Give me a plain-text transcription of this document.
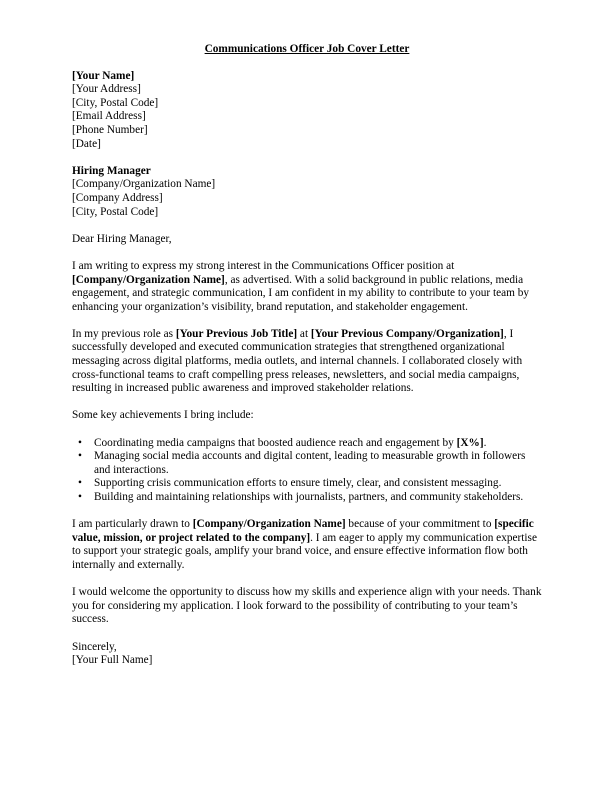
Communications Officer Job Cover Letter
[Your Name]
[Your Address]
[City, Postal Code]
[Email Address]
[Phone Number]
[Date]
Hiring Manager
[Company/Organization Name]
[Company Address]
[City, Postal Code]

Dear Hiring Manager,

I am writing to express my strong interest in the Communications Officer position at [Company/Organization Name], as advertised. With a solid background in public relations, media engagement, and strategic communication, I am confident in my ability to contribute to your team by enhancing your organization’s visibility, brand reputation, and stakeholder engagement.

In my previous role as [Your Previous Job Title] at [Your Previous Company/Organization], I successfully developed and executed communication strategies that strengthened organizational messaging across digital platforms, media outlets, and internal channels. I collaborated closely with cross-functional teams to craft compelling press releases, newsletters, and social media campaigns, resulting in increased public awareness and improved stakeholder relations.

Some key achievements I bring include:

• Coordinating media campaigns that boosted audience reach and engagement by [X%].
• Managing social media accounts and digital content, leading to measurable growth in followers and interactions.
• Supporting crisis communication efforts to ensure timely, clear, and consistent messaging.
• Building and maintaining relationships with journalists, partners, and community stakeholders.

I am particularly drawn to [Company/Organization Name] because of your commitment to [specific value, mission, or project related to the company]. I am eager to apply my communication expertise to support your strategic goals, amplify your brand voice, and ensure effective information flow both internally and externally.

I would welcome the opportunity to discuss how my skills and experience align with your needs. Thank you for considering my application. I look forward to the possibility of contributing to your team’s success.

Sincerely,
[Your Full Name]
